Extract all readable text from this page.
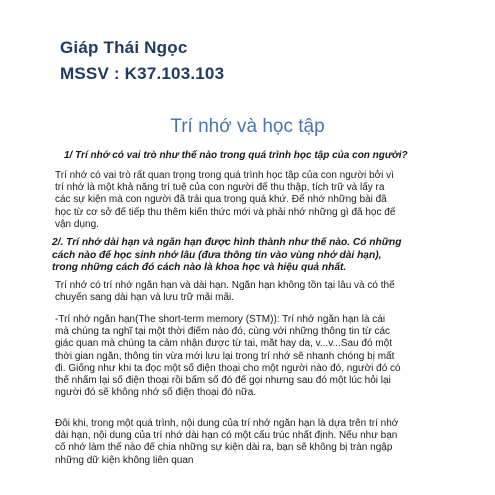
Giáp Thái Ngọc
MSSV : K37.103.103
Trí nhớ và học tập
1/ Trí nhớ có vai trò như thế nào trong quá trình học tập của con người?
Trí nhớ có vai trò rất quan trọng trong quá trình học tập của con người bởi vì
trí nhớ là một khả năng trí tuệ của con người để thu thập, tích trữ và lấy ra
các sự kiện mà con người đã trải qua trong quá khứ. Để nhớ những bài đã
học từ cơ sở để tiếp thu thêm kiến thức mới và phải nhớ những gì đã học để
vận dụng.
2/. Trí nhớ dài hạn và ngắn hạn được hình thành như thế nào. Có những
cách nào để học sinh nhớ lâu (đưa thông tin vào vùng nhớ dài hạn),
trong những cách đó cách nào là khoa học và hiệu quả nhất.
Trí nhớ có trí nhớ ngắn hạn và dài hạn. Ngắn hạn không tồn tại lâu và có thể
chuyển sang dài hạn và lưu trữ mãi mãi.
-Trí nhớ ngắn hạn(The short-term memory (STM)): Trí nhớ ngắn hạn là cái
mà chúng ta nghĩ tại một thời điểm nào đó, cùng với những thông tin từ các
giác quan mà chúng ta cảm nhận được từ tai, mắt hay da, v...v...Sau đó một
thời gian ngắn, thông tin vừa mới lưu lại trong trí nhớ sẽ nhanh chóng bị mất
đi. Giống như khi ta đọc một số điện thoại cho một người nào đó, người đó có
thể nhẩm lại số điện thoại rồi bấm số đó để gọi nhưng sau đó một lúc hỏi lại
người đó sẽ không nhớ số điện thoại đó nữa.
Đôi khi, trong một quá trình, nội dung của trí nhớ ngắn hạn là dựa trên trí nhớ
dài hạn, nội dung của trí nhớ dài hạn có một cấu trúc nhất định. Nếu như bạn
cố nhớ làm thế nào để chia những sự kiện dài ra, bạn sẽ không bị tràn ngập
những dữ kiện không liên quan
